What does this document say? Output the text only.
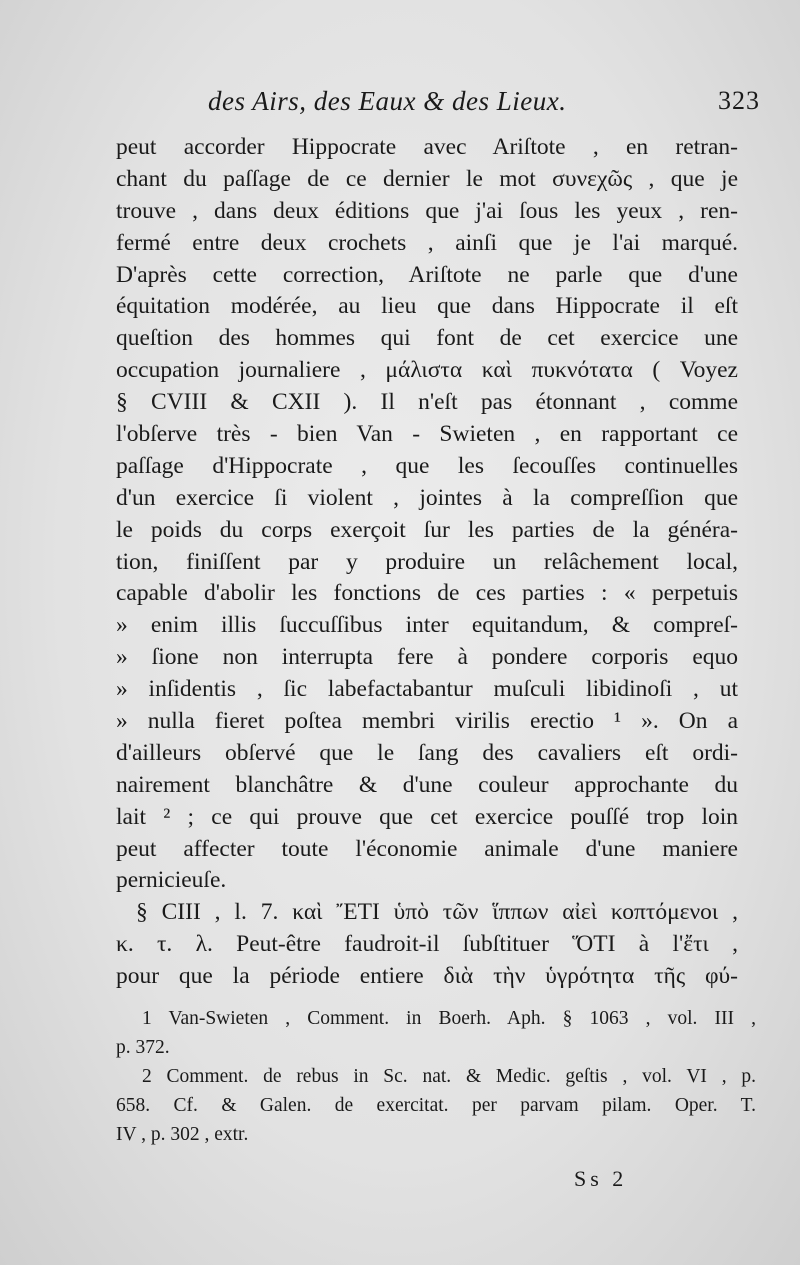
des Airs, des Eaux & des Lieux.	323
peut accorder Hippocrate avec Ariſtote , en retran-
chant du paſſage de ce dernier le mot συνεχῶς , que je
trouve , dans deux éditions que j'ai ſous les yeux , ren-
fermé entre deux crochets , ainſi que je l'ai marqué.
D'après cette correction, Ariſtote ne parle que d'une
équitation modérée, au lieu que dans Hippocrate il eſt
queſtion des hommes qui font de cet exercice une
occupation journaliere , μάλιστα καὶ πυκνότατα ( Voyez
§ CVIII & CXII ). Il n'eſt pas étonnant , comme
l'obſerve très - bien Van - Swieten , en rapportant ce
paſſage d'Hippocrate , que les ſecouſſes continuelles
d'un exercice ſi violent , jointes à la compreſſion que
le poids du corps exerçoit ſur les parties de la généra-
tion, finiſſent par y produire un relâchement local,
capable d'abolir les fonctions de ces parties : « perpetuis
» enim illis ſuccuſſibus inter equitandum, & compreſ-
» ſione non interrupta fere à pondere corporis equo
» inſidentis , ſic labefactabantur muſculi libidinoſi , ut
» nulla fieret poſtea membri virilis erectio ¹ ». On a
d'ailleurs obſervé que le ſang des cavaliers eſt ordi-
nairement blanchâtre & d'une couleur approchante du
lait ² ; ce qui prouve que cet exercice pouſſé trop loin
peut affecter toute l'économie animale d'une maniere
pernicieuſe.
§ CIII , l. 7. καὶ ἜΤΙ ὑπὸ τῶν ἵππων αἰεὶ κοπτόμενοι ,
κ. τ. λ. Peut-être faudroit-il ſubſtituer ὍΤΙ à l'ἔτι ,
pour que la période entiere διὰ τὴν ὑγρότητα τῆς φύ-
1 Van-Swieten , Comment. in Boerh. Aph. § 1063 , vol. III ,
p. 372.
2 Comment. de rebus in Sc. nat. & Medic. geſtis , vol. VI , p.
658. Cf. & Galen. de exercitat. per parvam pilam. Oper. T.
IV , p. 302 , extr.
Ss 2
